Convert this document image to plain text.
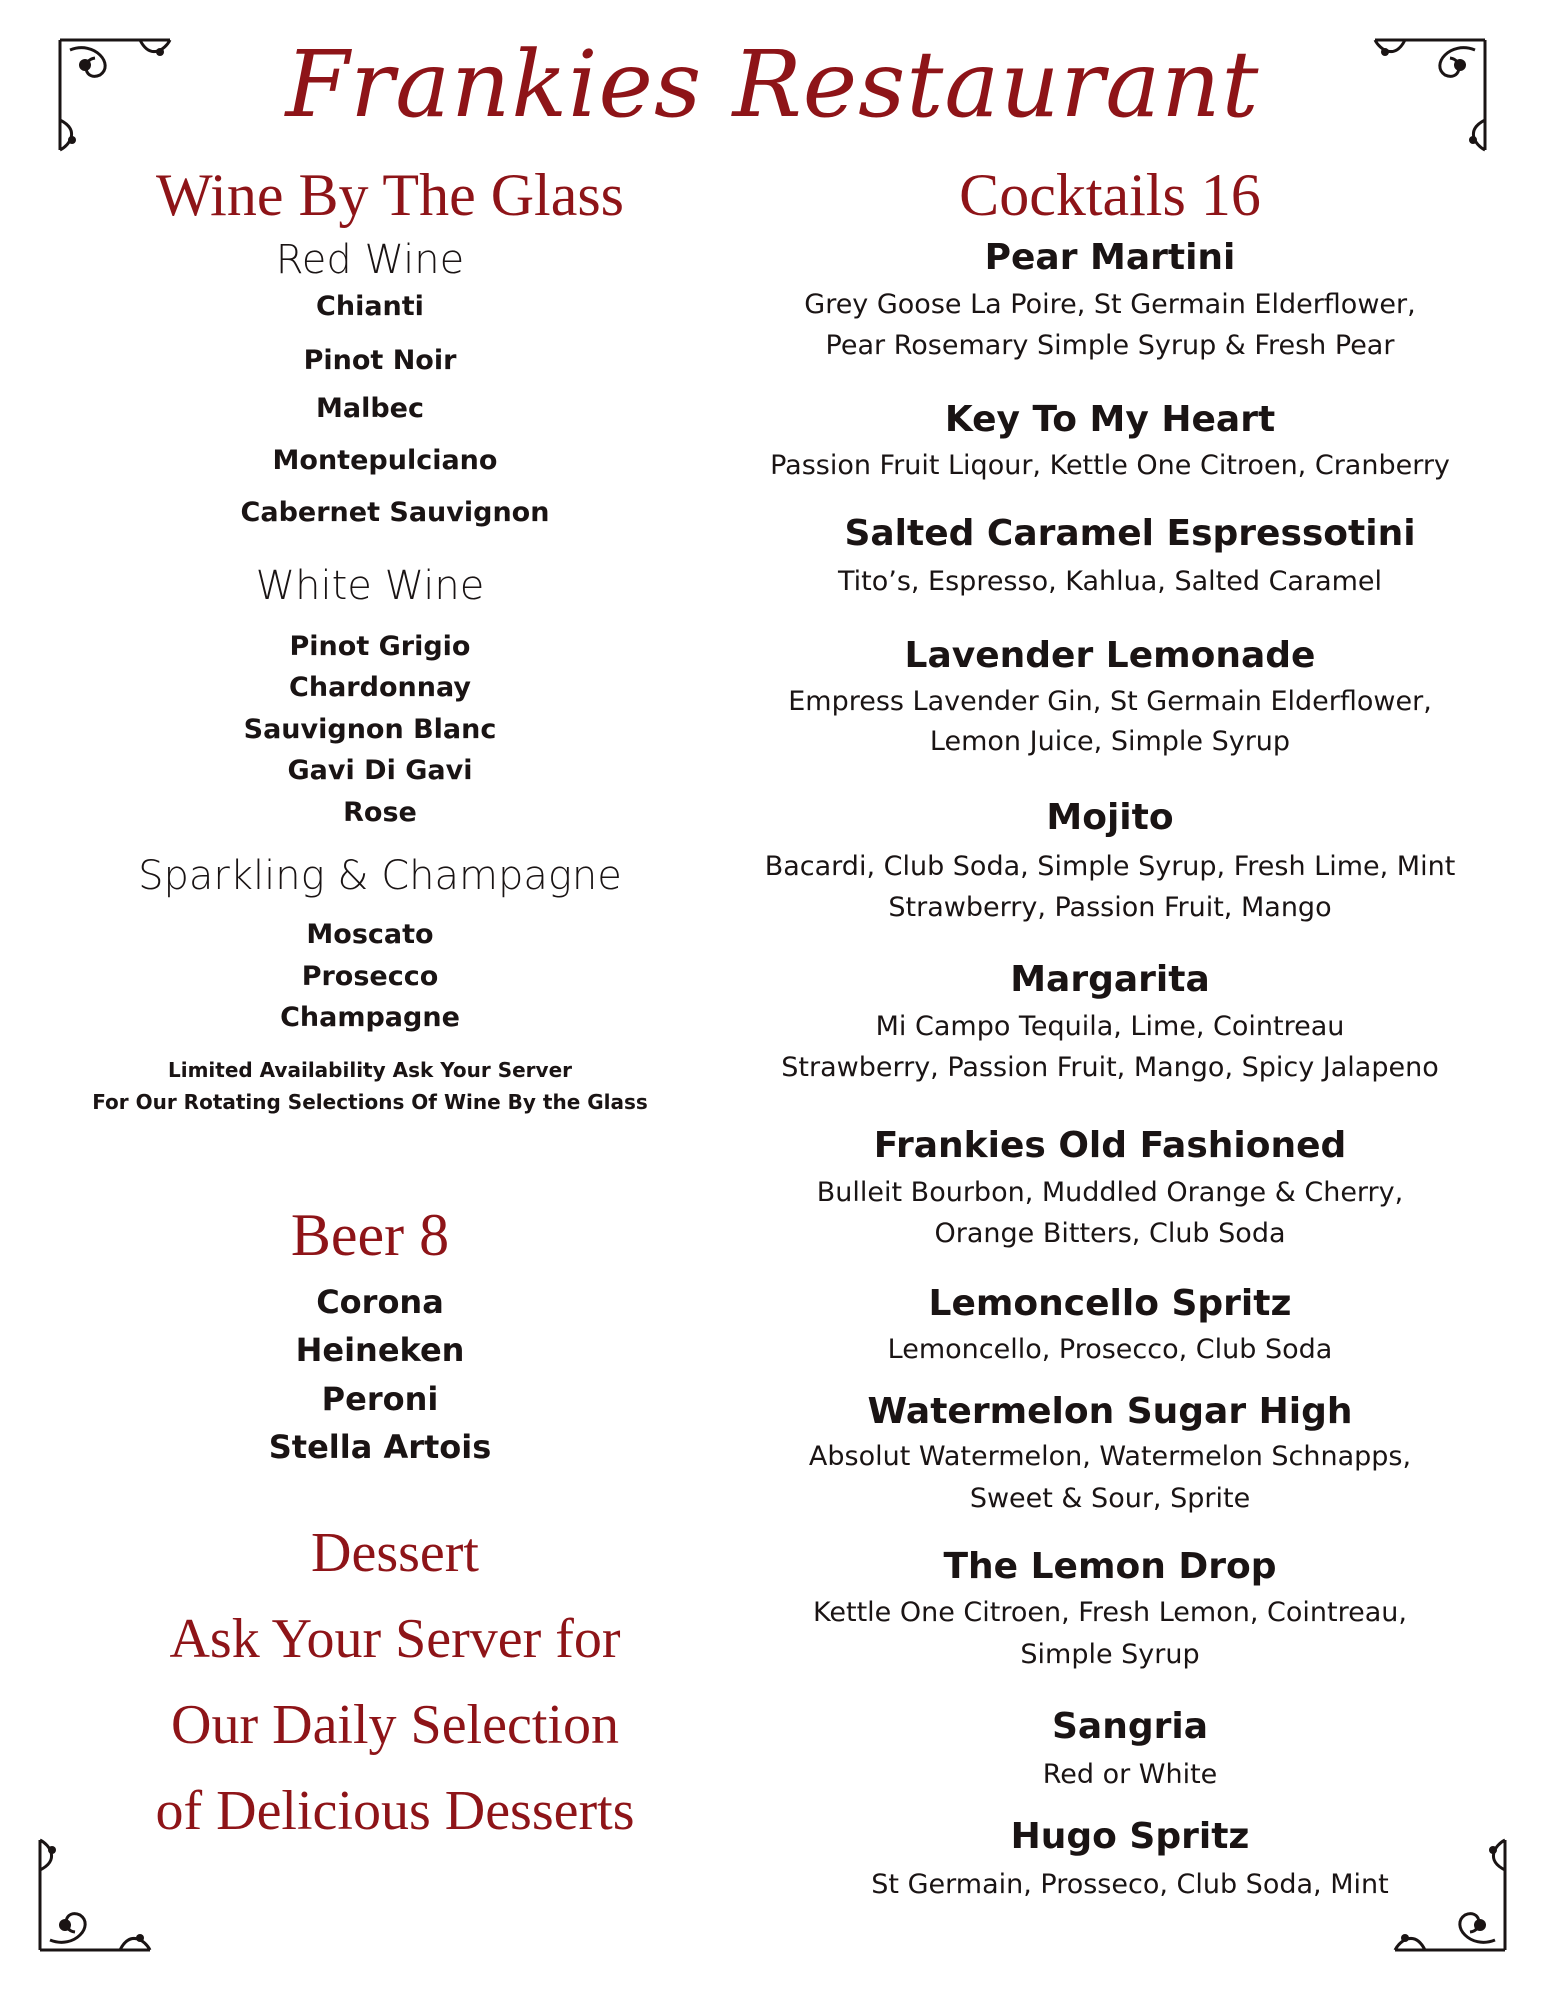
Frankies Restaurant
Wine By The Glass
Red Wine
Chianti
Pinot Noir
Malbec
Montepulciano
Cabernet Sauvignon
White Wine
Pinot Grigio
Chardonnay
Sauvignon Blanc
Gavi Di Gavi
Rose
Sparkling & Champagne
Moscato
Prosecco
Champagne
Limited Availability Ask Your Server
For Our Rotating Selections Of Wine By the Glass
Beer 8
Corona
Heineken
Peroni
Stella Artois
Dessert
Ask Your Server for
Our Daily Selection
of Delicious Desserts
Cocktails 16
Pear Martini
Grey Goose La Poire, St Germain Elderflower,
Pear Rosemary Simple Syrup & Fresh Pear
Key To My Heart
Passion Fruit Liqour, Kettle One Citroen, Cranberry
Salted Caramel Espressotini
Tito’s, Espresso, Kahlua, Salted Caramel
Lavender Lemonade
Empress Lavender Gin, St Germain Elderflower,
Lemon Juice, Simple Syrup
Mojito
Bacardi, Club Soda, Simple Syrup, Fresh Lime, Mint
Strawberry, Passion Fruit, Mango
Margarita
Mi Campo Tequila, Lime, Cointreau
Strawberry, Passion Fruit, Mango, Spicy Jalapeno
Frankies Old Fashioned
Bulleit Bourbon, Muddled Orange & Cherry,
Orange Bitters, Club Soda
Lemoncello Spritz
Lemoncello, Prosecco, Club Soda
Watermelon Sugar High
Absolut Watermelon, Watermelon Schnapps,
Sweet & Sour, Sprite
The Lemon Drop
Kettle One Citroen, Fresh Lemon, Cointreau,
Simple Syrup
Sangria
Red or White
Hugo Spritz
St Germain, Prosseco, Club Soda, Mint
